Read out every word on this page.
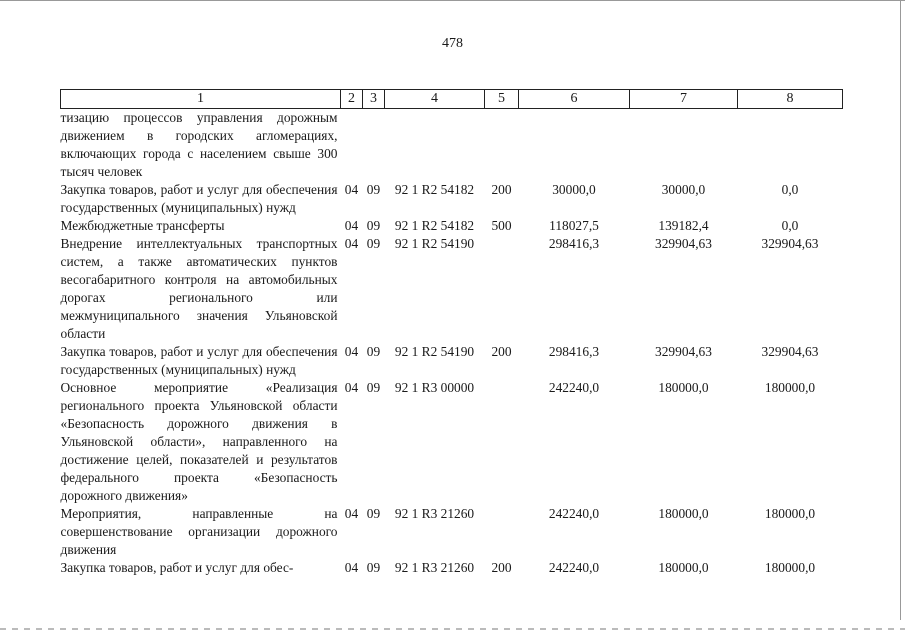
478
1	2	3	4	5	6	7	8
тизацию процессов управления дорожным движением в городских агломерациях, включающих города с населением свыше 300 тысяч человек							
Закупка товаров, работ и услуг для обеспечения государственных (муниципальных) нужд	04	09	92 1 R2 54182	200	30000,0	30000,0	0,0
Межбюджетные трансферты	04	09	92 1 R2 54182	500	118027,5	139182,4	0,0
Внедрение интеллектуальных транспортных систем, а также автоматических пунктов весогабаритного контроля на автомобильных дорогах регионального или межмуниципального значения Ульяновской области	04	09	92 1 R2 54190		298416,3	329904,63	329904,63
Закупка товаров, работ и услуг для обеспечения государственных (муниципальных) нужд	04	09	92 1 R2 54190	200	298416,3	329904,63	329904,63
Основное мероприятие «Реализация регионального проекта Ульяновской области «Безопасность дорожного движения в Ульяновской области», направленного на достижение целей, показателей и результатов федерального проекта «Безопасность дорожного движения»	04	09	92 1 R3 00000		242240,0	180000,0	180000,0
Мероприятия, направленные на совершенствование организации дорожного движения	04	09	92 1 R3 21260		242240,0	180000,0	180000,0
Закупка товаров, работ и услуг для обес-	04	09	92 1 R3 21260	200	242240,0	180000,0	180000,0
